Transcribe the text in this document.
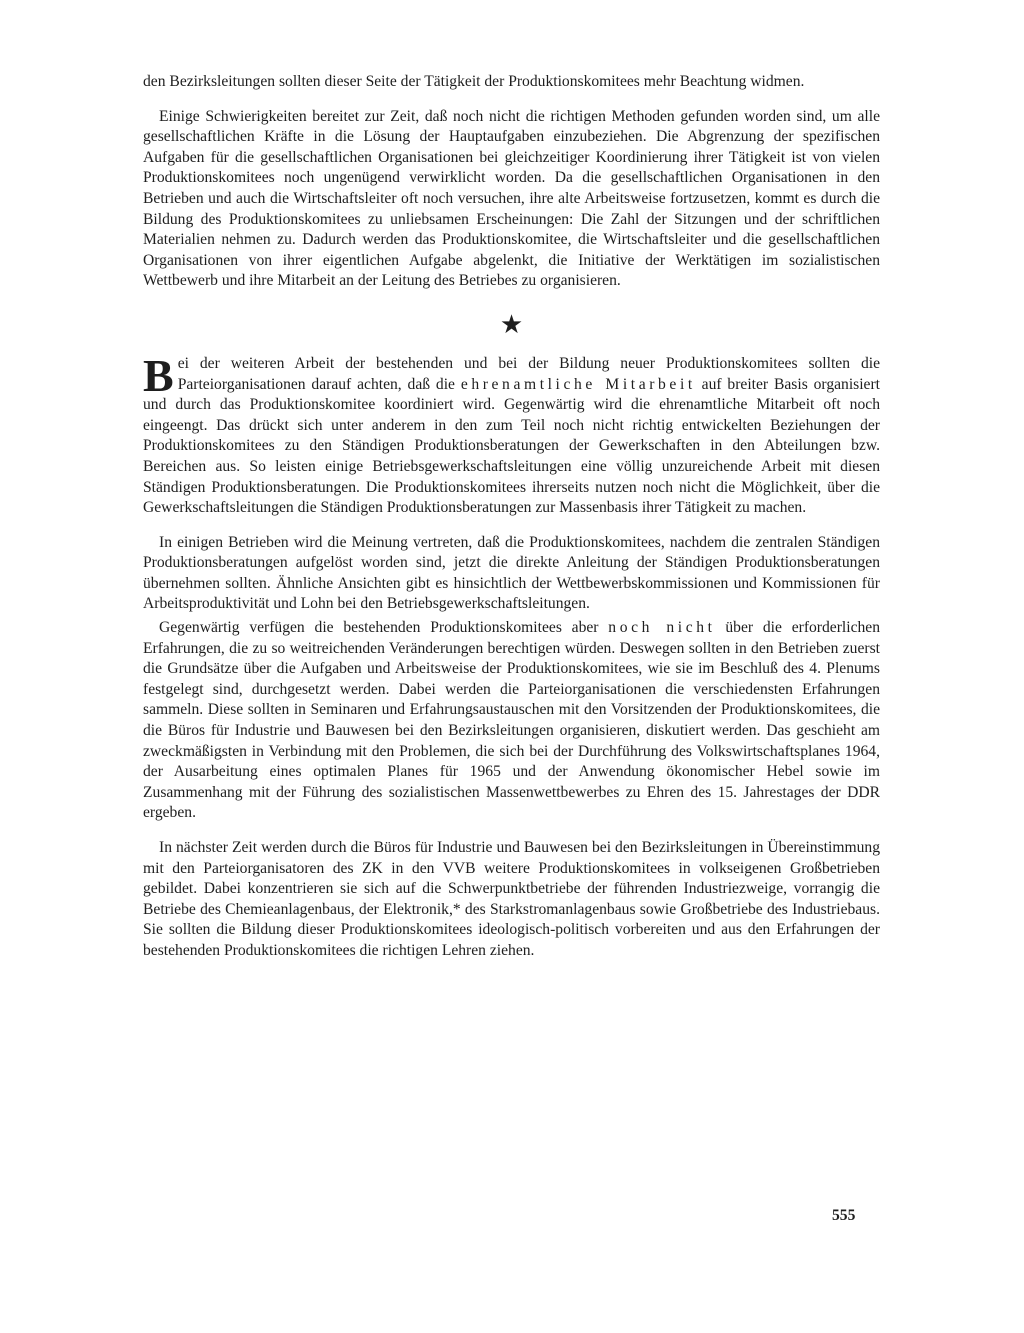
den Bezirksleitungen sollten dieser Seite der Tätigkeit der Produktionskomitees mehr Beachtung widmen.

Einige Schwierigkeiten bereitet zur Zeit, daß noch nicht die richtigen Methoden gefunden worden sind, um alle gesellschaftlichen Kräfte in die Lösung der Hauptaufgaben einzubeziehen. Die Abgrenzung der spezifischen Aufgaben für die gesellschaftlichen Organisationen bei gleichzeitiger Koordinierung ihrer Tätigkeit ist von vielen Produktionskomitees noch ungenügend verwirklicht worden. Da die gesellschaftlichen Organisationen in den Betrieben und auch die Wirtschaftsleiter oft noch versuchen, ihre alte Arbeitsweise fortzusetzen, kommt es durch die Bildung des Produktionskomitees zu unliebsamen Erscheinungen: Die Zahl der Sitzungen und der schriftlichen Materialien nehmen zu. Dadurch werden das Produktionskomitee, die Wirtschaftsleiter und die gesellschaftlichen Organisationen von ihrer eigentlichen Aufgabe abgelenkt, die Initiative der Werktätigen im sozialistischen Wettbewerb und ihre Mitarbeit an der Leitung des Betriebes zu organisieren.

★

Bei der weiteren Arbeit der bestehenden und bei der Bildung neuer Produktionskomitees sollten die Parteiorganisationen darauf achten, daß die ehrenamtliche Mitarbeit auf breiter Basis organisiert und durch das Produktionskomitee koordiniert wird. Gegenwärtig wird die ehrenamtliche Mitarbeit oft noch eingeengt. Das drückt sich unter anderem in den zum Teil noch nicht richtig entwickelten Beziehungen der Produktionskomitees zu den Ständigen Produktionsberatungen der Gewerkschaften in den Abteilungen bzw. Bereichen aus. So leisten einige Betriebsgewerkschaftsleitungen eine völlig unzureichende Arbeit mit diesen Ständigen Produktionsberatungen. Die Produktionskomitees ihrerseits nutzen noch nicht die Möglichkeit, über die Gewerkschaftsleitungen die Ständigen Produktionsberatungen zur Massenbasis ihrer Tätigkeit zu machen.

In einigen Betrieben wird die Meinung vertreten, daß die Produktionskomitees, nachdem die zentralen Ständigen Produktionsberatungen aufgelöst worden sind, jetzt die direkte Anleitung der Ständigen Produktionsberatungen übernehmen sollten. Ähnliche Ansichten gibt es hinsichtlich der Wettbewerbskommissionen und Kommissionen für Arbeitsproduktivität und Lohn bei den Betriebsgewerkschaftsleitungen.

Gegenwärtig verfügen die bestehenden Produktionskomitees aber noch nicht über die erforderlichen Erfahrungen, die zu so weitreichenden Veränderungen berechtigen würden. Deswegen sollten in den Betrieben zuerst die Grundsätze über die Aufgaben und Arbeitsweise der Produktionskomitees, wie sie im Beschluß des 4. Plenums festgelegt sind, durchgesetzt werden. Dabei werden die Parteiorganisationen die verschiedensten Erfahrungen sammeln. Diese sollten in Seminaren und Erfahrungsaustauschen mit den Vorsitzenden der Produktionskomitees, die die Büros für Industrie und Bauwesen bei den Bezirksleitungen organisieren, diskutiert werden. Das geschieht am zweckmäßigsten in Verbindung mit den Problemen, die sich bei der Durchführung des Volkswirtschaftsplanes 1964, der Ausarbeitung eines optimalen Planes für 1965 und der Anwendung ökonomischer Hebel sowie im Zusammenhang mit der Führung des sozialistischen Massenwettbewerbes zu Ehren des 15. Jahrestages der DDR ergeben.

In nächster Zeit werden durch die Büros für Industrie und Bauwesen bei den Bezirksleitungen in Übereinstimmung mit den Parteiorganisatoren des ZK in den VVB weitere Produktionskomitees in volkseigenen Großbetrieben gebildet. Dabei konzentrieren sie sich auf die Schwerpunktbetriebe der führenden Industriezweige, vorrangig die Betriebe des Chemieanlagenbaus, der Elektronik,* des Starkstromanlagenbaus sowie Großbetriebe des Industriebaus. Sie sollten die Bildung dieser Produktionskomitees ideologisch-politisch vorbereiten und aus den Erfahrungen der bestehenden Produktionskomitees die richtigen Lehren ziehen.

555
